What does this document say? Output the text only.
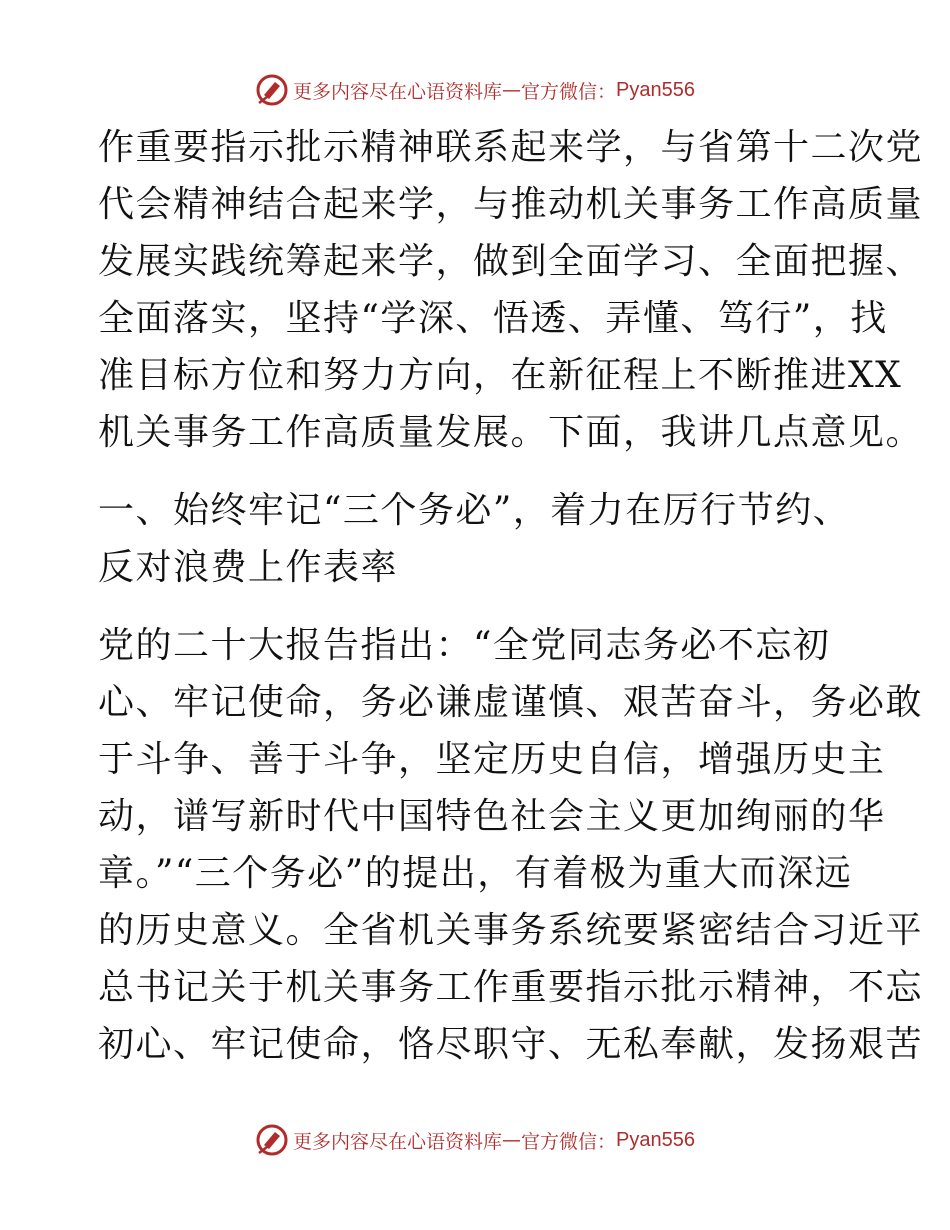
更多内容尽在心语资料库 — 官方微信： Pyan556
作重要指示批示精神联系起来学，与省第十二次党
代会精神结合起来学，与推动机关事务工作高质量
发展实践统筹起来学，做到全面学习、全面把握、
全面落实，坚持“学深、悟透、弄懂、笃行”，找
准目标方位和努力方向，在新征程上不断推进XX
机关事务工作高质量发展。下面，我讲几点意见。
一、始终牢记“三个务必”，着力在厉行节约、
反对浪费上作表率
党的二十大报告指出：“全党同志务必不忘初
心、牢记使命，务必谦虚谨慎、艰苦奋斗，务必敢
于斗争、善于斗争，坚定历史自信，增强历史主
动，谱写新时代中国特色社会主义更加绚丽的华
章。”“三个务必”的提出，有着极为重大而深远
的历史意义。全省机关事务系统要紧密结合习近平
总书记关于机关事务工作重要指示批示精神，不忘
初心、牢记使命，恪尽职守、无私奉献，发扬艰苦
更多内容尽在心语资料库 — 官方微信： Pyan556
